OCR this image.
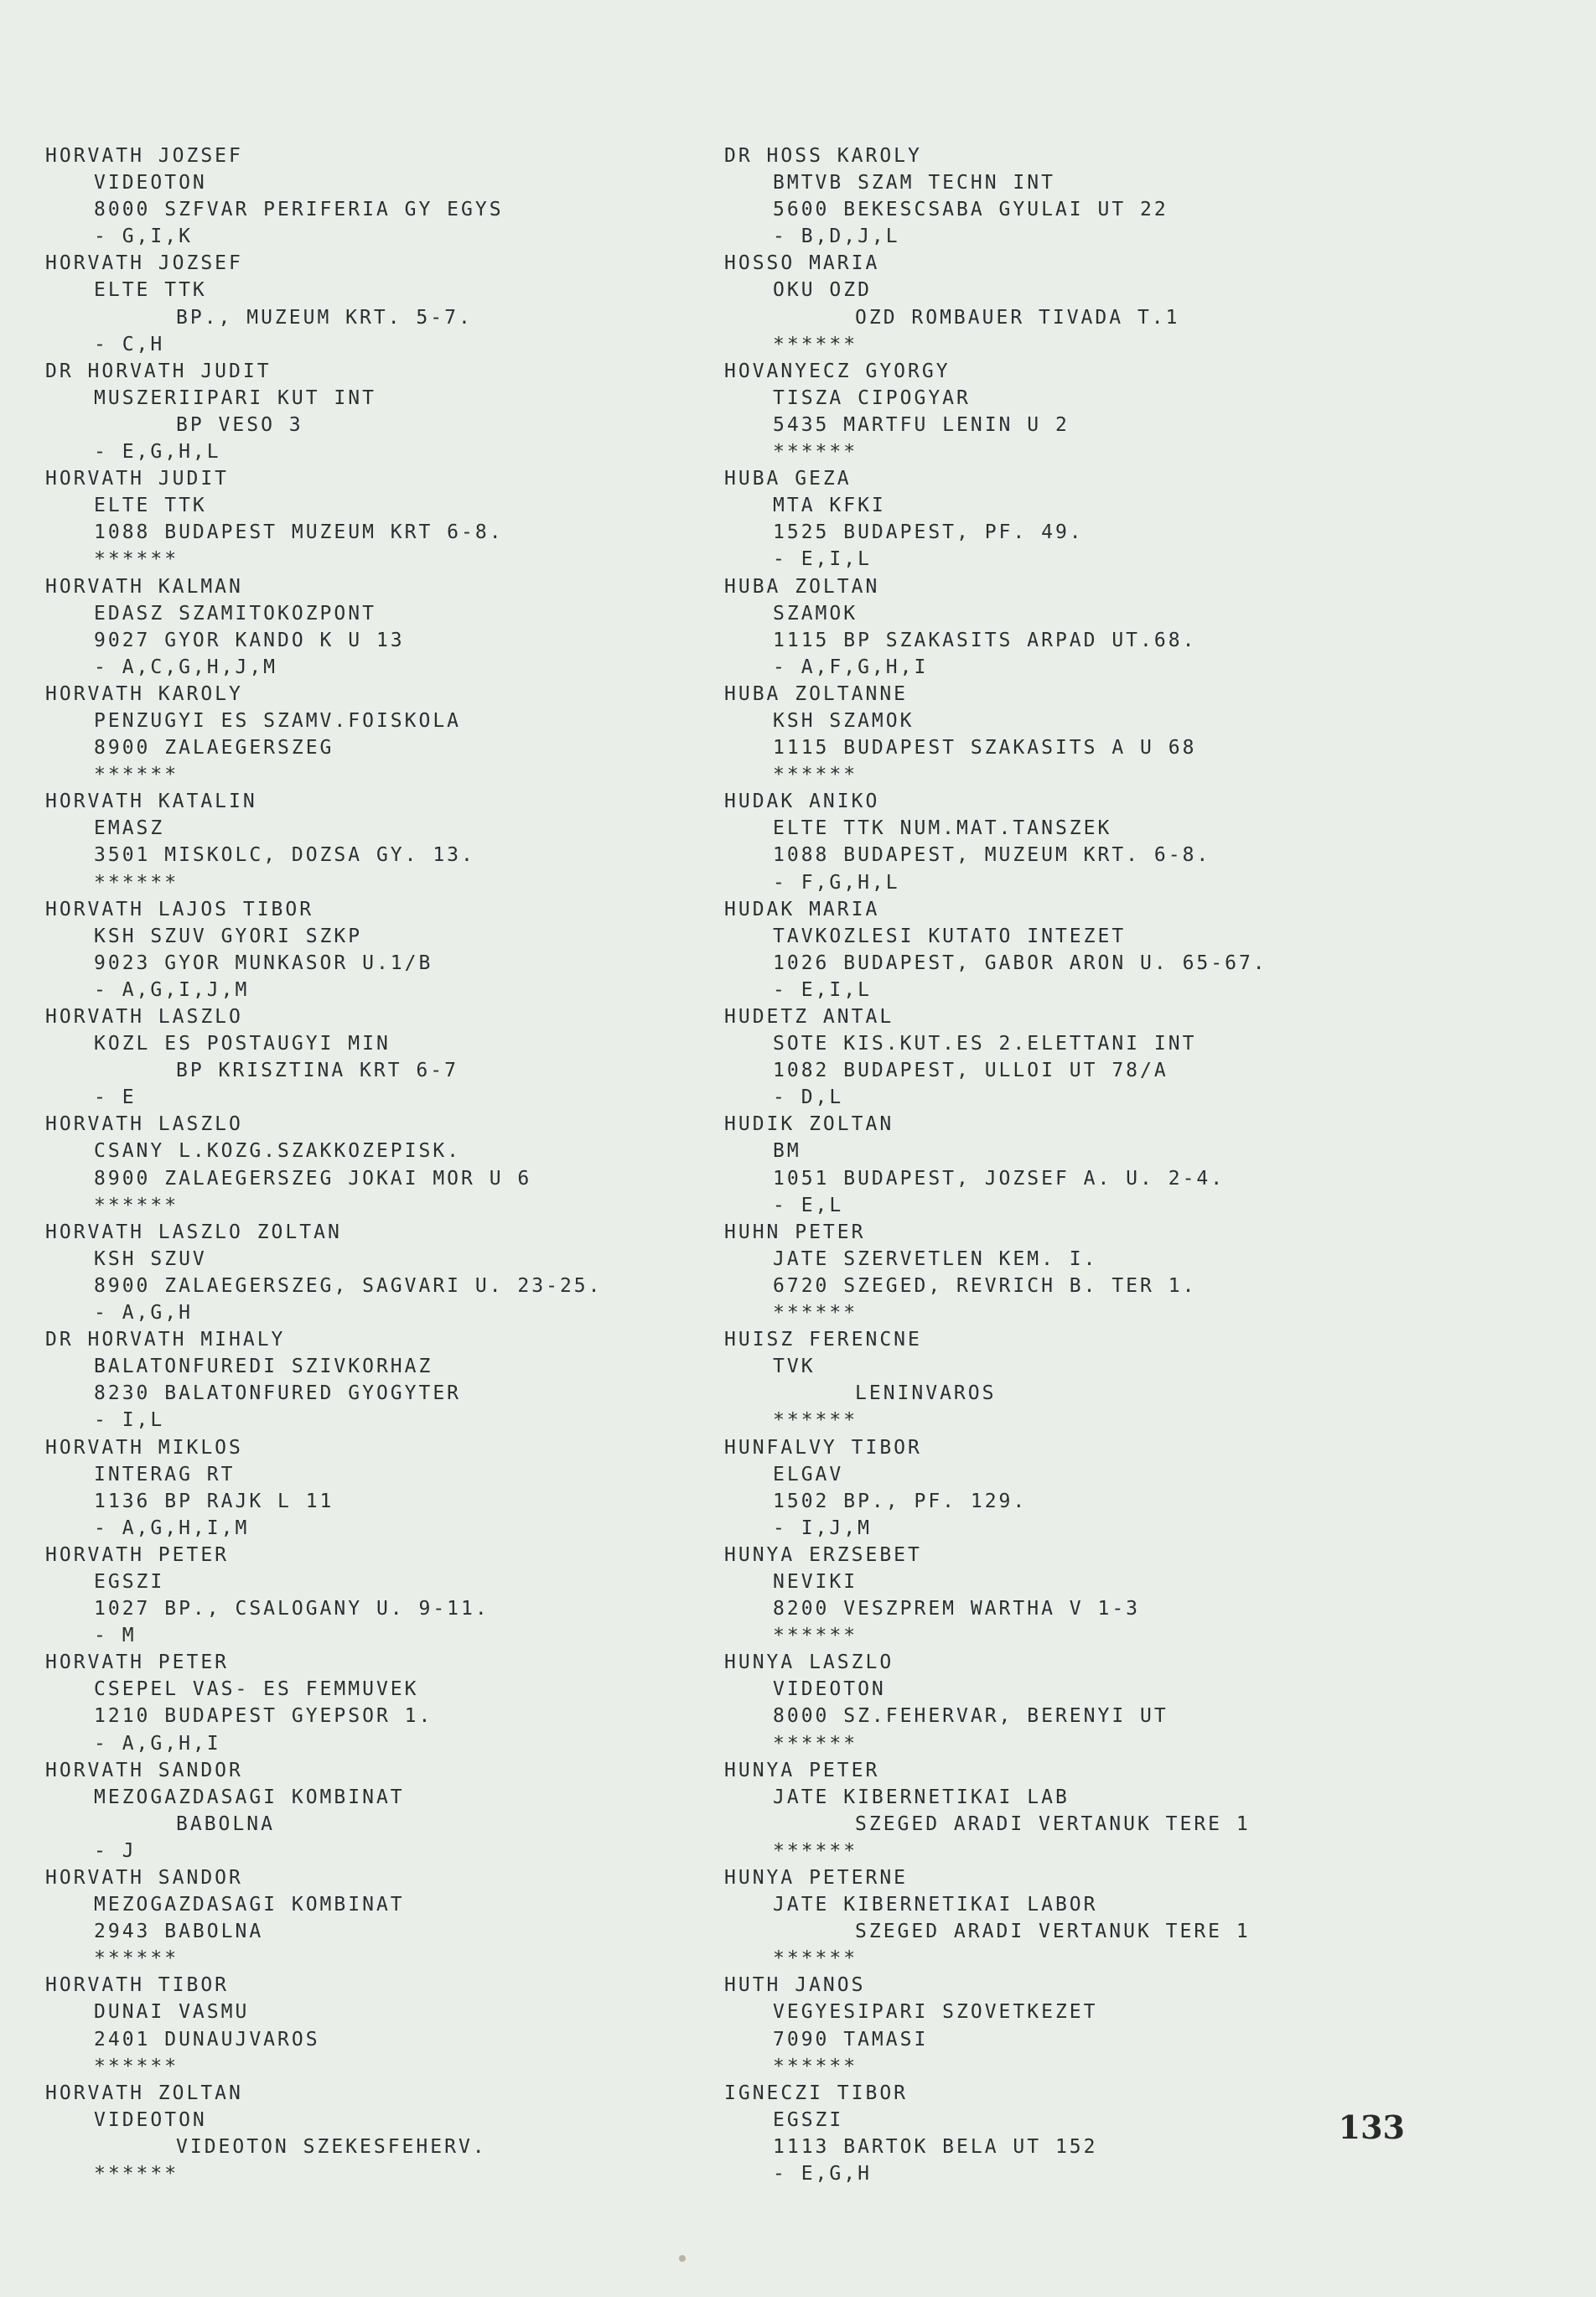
HORVATH JOZSEF
VIDEOTON
8000 SZFVAR PERIFERIA GY EGYS
- G,I,K
HORVATH JOZSEF
ELTE TTK
BP., MUZEUM KRT. 5-7.
- C,H
DR HORVATH JUDIT
MUSZERIIPARI KUT INT
BP VESO 3
- E,G,H,L
HORVATH JUDIT
ELTE TTK
1088 BUDAPEST MUZEUM KRT 6-8.
******
HORVATH KALMAN
EDASZ SZAMITOKOZPONT
9027 GYOR KANDO K U 13
- A,C,G,H,J,M
HORVATH KAROLY
PENZUGYI ES SZAMV.FOISKOLA
8900 ZALAEGERSZEG
******
HORVATH KATALIN
EMASZ
3501 MISKOLC, DOZSA GY. 13.
******
HORVATH LAJOS TIBOR
KSH SZUV GYORI SZKP
9023 GYOR MUNKASOR U.1/B
- A,G,I,J,M
HORVATH LASZLO
KOZL ES POSTAUGYI MIN
BP KRISZTINA KRT 6-7
- E
HORVATH LASZLO
CSANY L.KOZG.SZAKKOZEPISK.
8900 ZALAEGERSZEG JOKAI MOR U 6
******
HORVATH LASZLO ZOLTAN
KSH SZUV
8900 ZALAEGERSZEG, SAGVARI U. 23-25.
- A,G,H
DR HORVATH MIHALY
BALATONFUREDI SZIVKORHAZ
8230 BALATONFURED GYOGYTER
- I,L
HORVATH MIKLOS
INTERAG RT
1136 BP RAJK L 11
- A,G,H,I,M
HORVATH PETER
EGSZI
1027 BP., CSALOGANY U. 9-11.
- M
HORVATH PETER
CSEPEL VAS- ES FEMMUVEK
1210 BUDAPEST GYEPSOR 1.
- A,G,H,I
HORVATH SANDOR
MEZOGAZDASAGI KOMBINAT
BABOLNA
- J
HORVATH SANDOR
MEZOGAZDASAGI KOMBINAT
2943 BABOLNA
******
HORVATH TIBOR
DUNAI VASMU
2401 DUNAUJVAROS
******
HORVATH ZOLTAN
VIDEOTON
VIDEOTON SZEKESFEHERV.
******
DR HOSS KAROLY
BMTVB SZAM TECHN INT
5600 BEKESCSABA GYULAI UT 22
- B,D,J,L
HOSSO MARIA
OKU OZD
OZD ROMBAUER TIVADA T.1
******
HOVANYECZ GYORGY
TISZA CIPOGYAR
5435 MARTFU LENIN U 2
******
HUBA GEZA
MTA KFKI
1525 BUDAPEST, PF. 49.
- E,I,L
HUBA ZOLTAN
SZAMOK
1115 BP SZAKASITS ARPAD UT.68.
- A,F,G,H,I
HUBA ZOLTANNE
KSH SZAMOK
1115 BUDAPEST SZAKASITS A U 68
******
HUDAK ANIKO
ELTE TTK NUM.MAT.TANSZEK
1088 BUDAPEST, MUZEUM KRT. 6-8.
- F,G,H,L
HUDAK MARIA
TAVKOZLESI KUTATO INTEZET
1026 BUDAPEST, GABOR ARON U. 65-67.
- E,I,L
HUDETZ ANTAL
SOTE KIS.KUT.ES 2.ELETTANI INT
1082 BUDAPEST, ULLOI UT 78/A
- D,L
HUDIK ZOLTAN
BM
1051 BUDAPEST, JOZSEF A. U. 2-4.
- E,L
HUHN PETER
JATE SZERVETLEN KEM. I.
6720 SZEGED, REVRICH B. TER 1.
******
HUISZ FERENCNE
TVK
LENINVAROS
******
HUNFALVY TIBOR
ELGAV
1502 BP., PF. 129.
- I,J,M
HUNYA ERZSEBET
NEVIKI
8200 VESZPREM WARTHA V 1-3
******
HUNYA LASZLO
VIDEOTON
8000 SZ.FEHERVAR, BERENYI UT
******
HUNYA PETER
JATE KIBERNETIKAI LAB
SZEGED ARADI VERTANUK TERE 1
******
HUNYA PETERNE
JATE KIBERNETIKAI LABOR
SZEGED ARADI VERTANUK TERE 1
******
HUTH JANOS
VEGYESIPARI SZOVETKEZET
7090 TAMASI
******
IGNECZI TIBOR
EGSZI
1113 BARTOK BELA UT 152
- E,G,H
133
